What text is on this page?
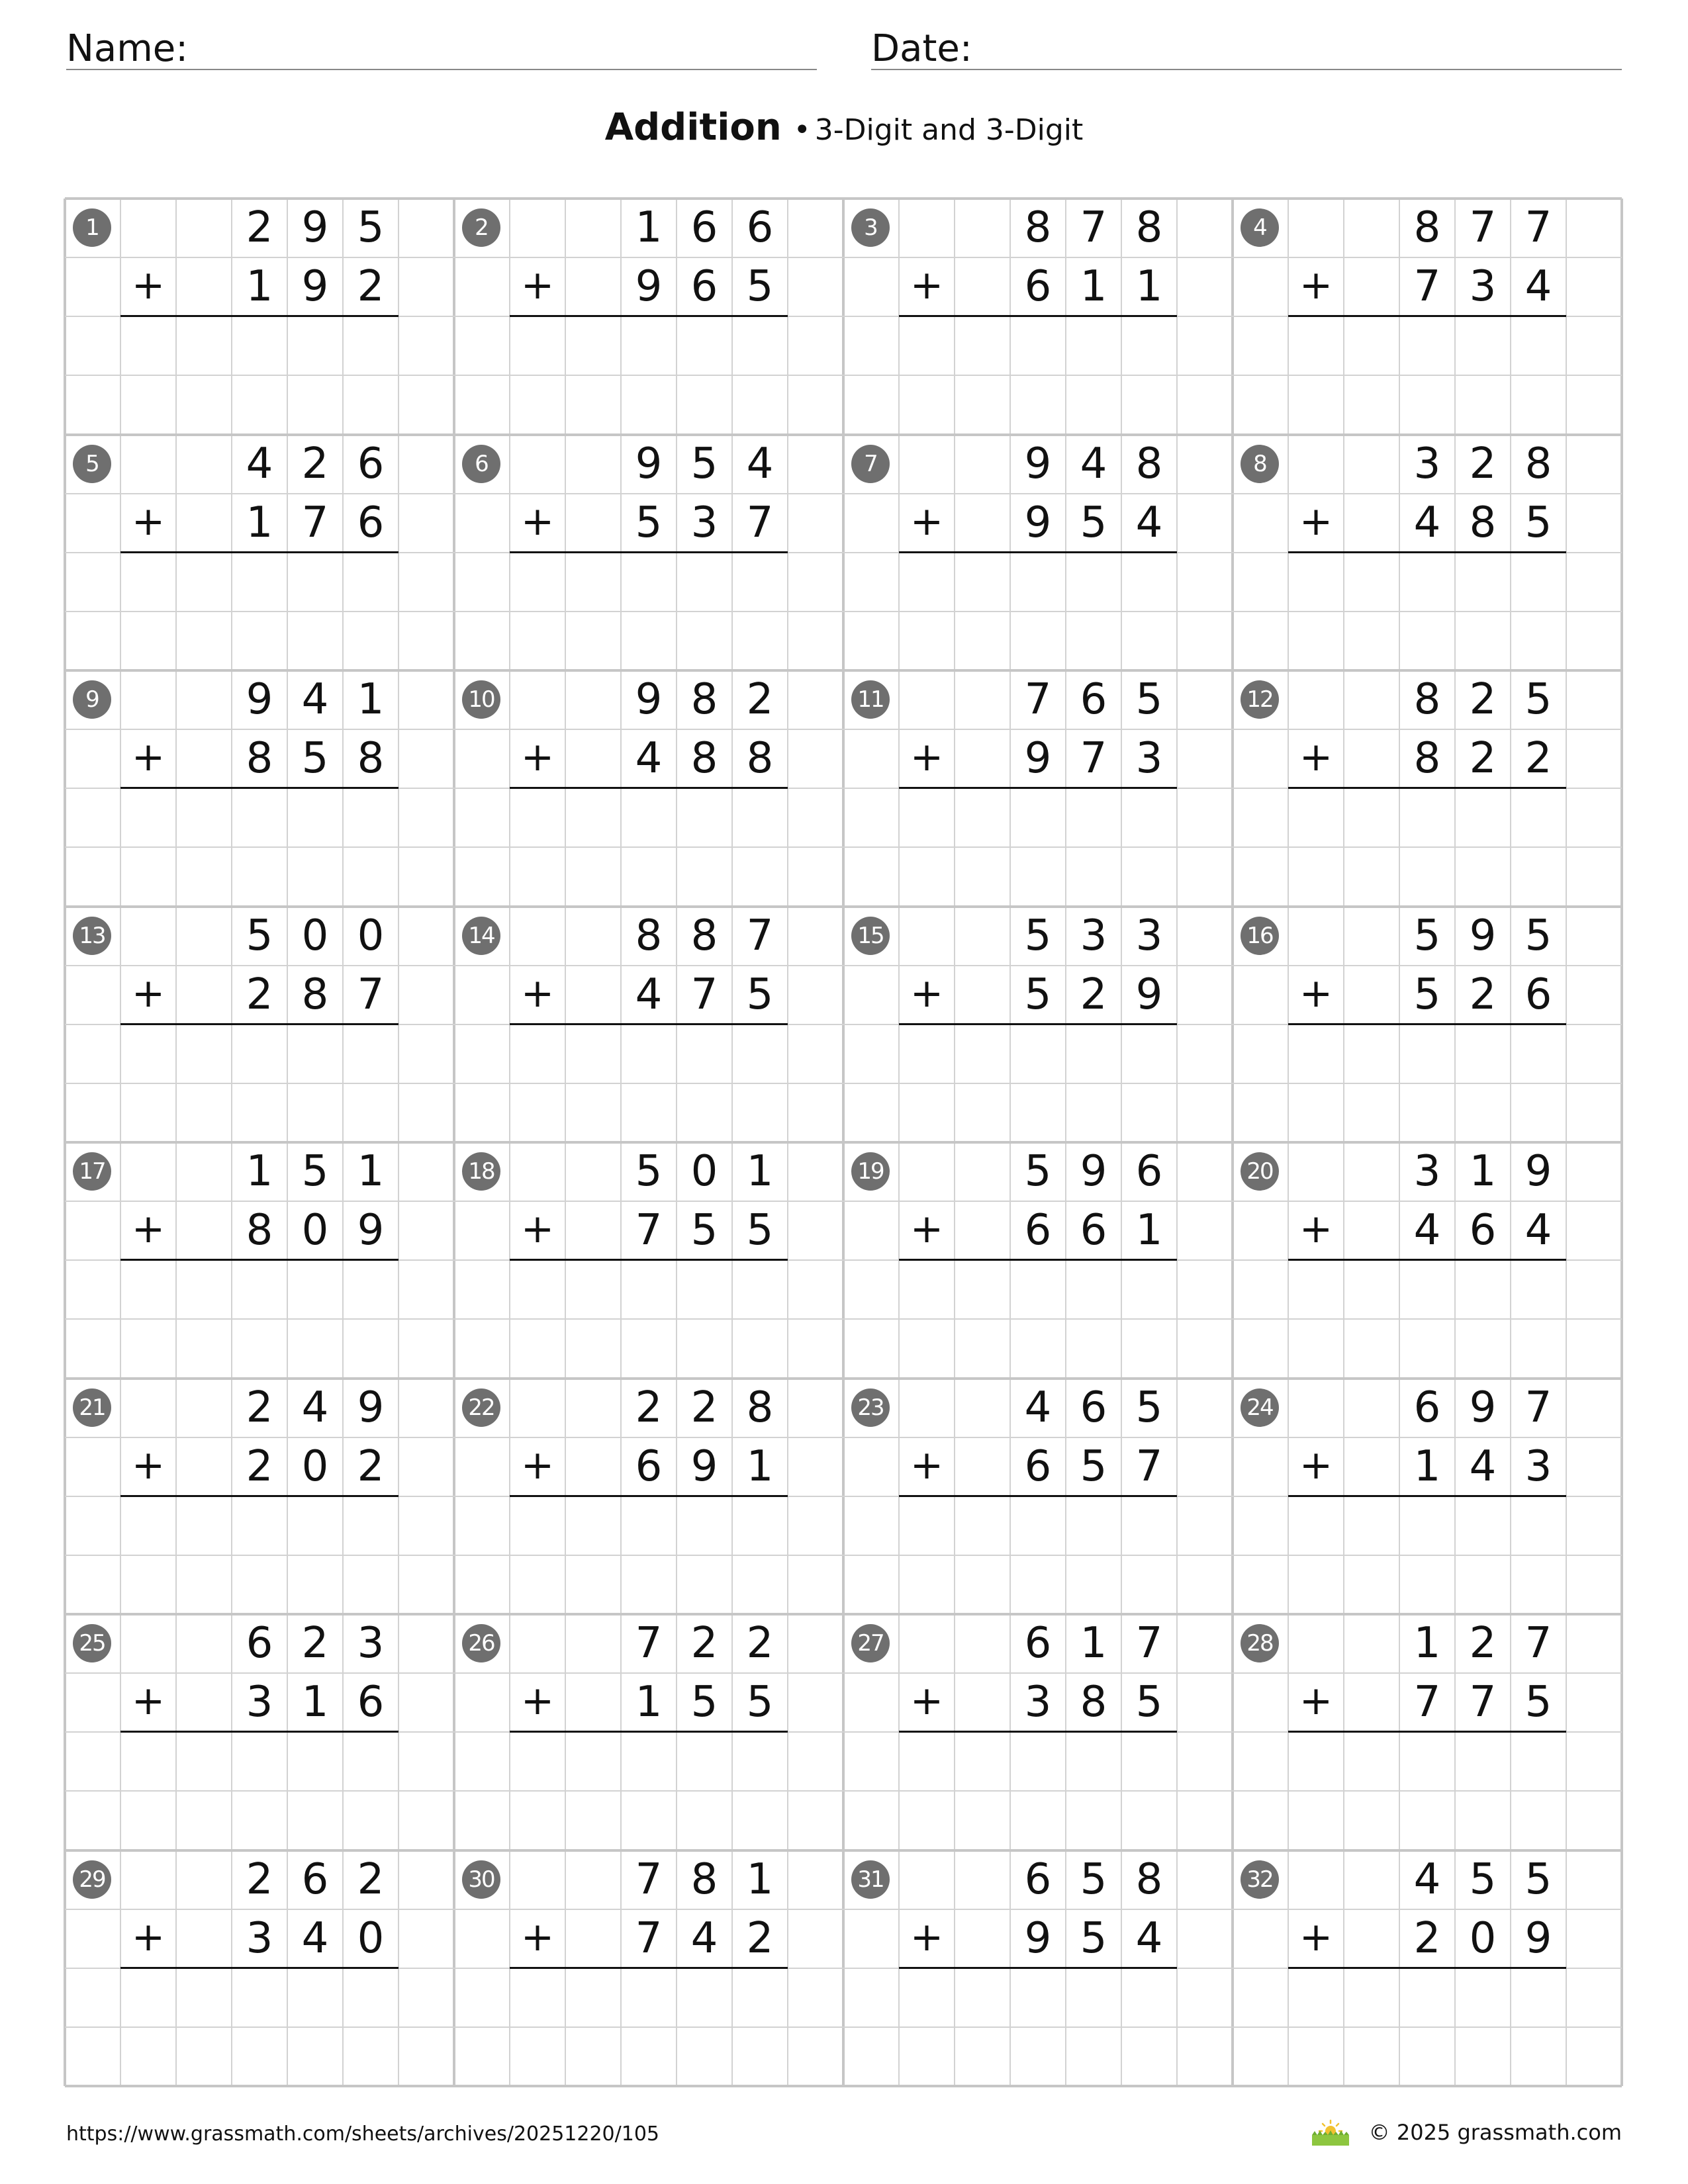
Name:	Date:
Addition • 3-Digit and 3-Digit
1	2 9 5
1 9 2
+
2	1 6 6
9 6 5
+
3	8 7 8
6 1 1
+
4	8 7 7
7 3 4
+
5	4 2 6
1 7 6
+
6	9 5 4
5 3 7
+
7	9 4 8
9 5 4
+
8	3 2 8
4 8 5
+
9	9 4 1
8 5 8
+
10	9 8 2
4 8 8
+
11	7 6 5
9 7 3
+
12	8 2 5
8 2 2
+
13	5 0 0
2 8 7
+
14	8 8 7
4 7 5
+
15	5 3 3
5 2 9
+
16	5 9 5
5 2 6
+
17	1 5 1
8 0 9
+
18	5 0 1
7 5 5
+
19	5 9 6
6 6 1
+
20	3 1 9
4 6 4
+
21	2 4 9
2 0 2
+
22	2 2 8
6 9 1
+
23	4 6 5
6 5 7
+
24	6 9 7
1 4 3
+
25	6 2 3
3 1 6
+
26	7 2 2
1 5 5
+
27	6 1 7
3 8 5
+
28	1 2 7
7 7 5
+
29	2 6 2
3 4 0
+
30	7 8 1
7 4 2
+
31	6 5 8
9 5 4
+
32	4 5 5
2 0 9
+
https://www.grassmath.com/sheets/archives/20251220/105	© 2025 grassmath.com
